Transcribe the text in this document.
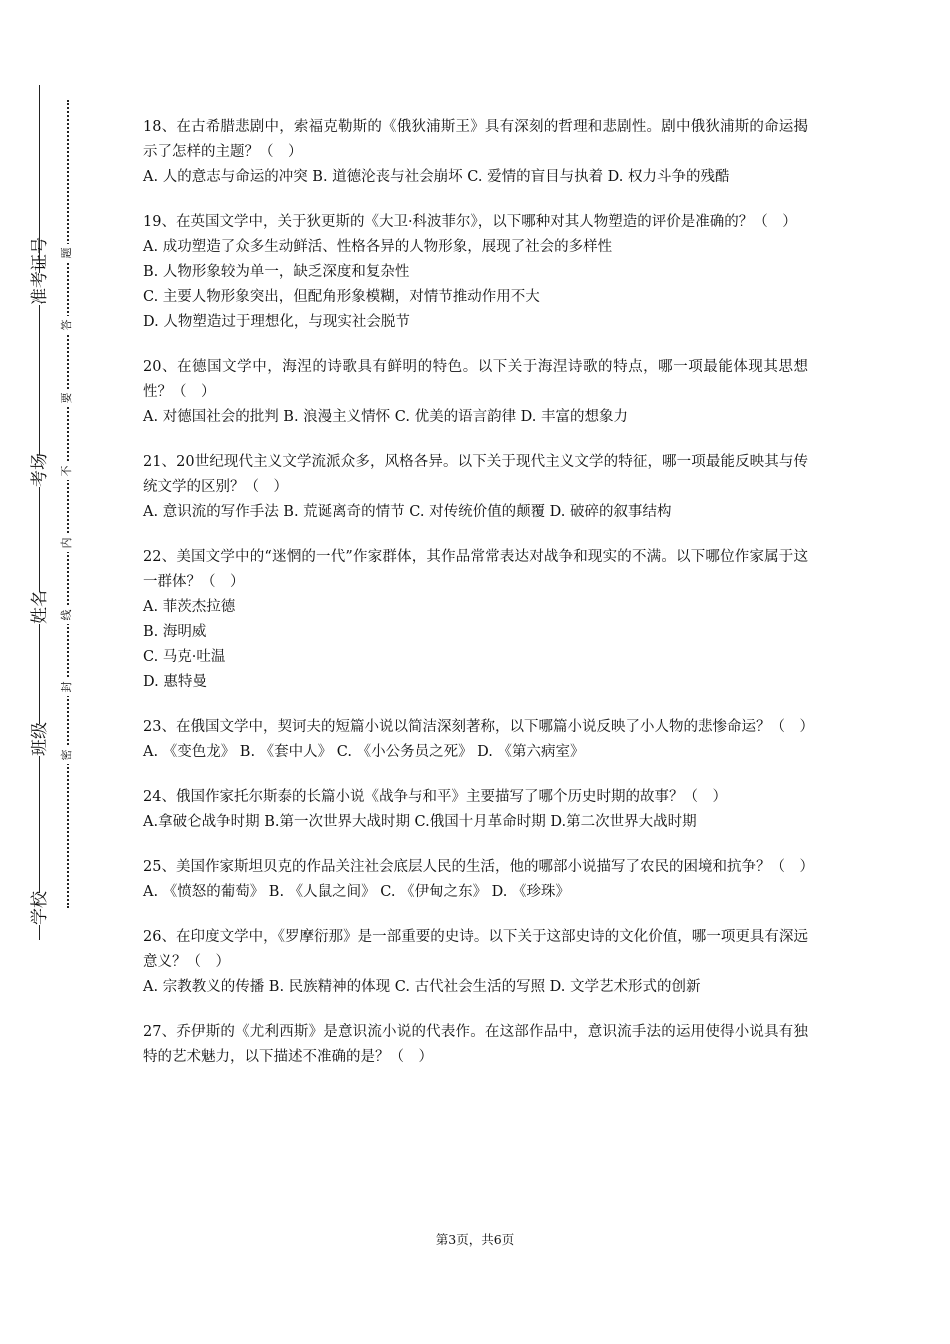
准考证号
考场
姓名
班级
学校
题
答
要
不
内
线
封
密

18、在古希腊悲剧中，索福克勒斯的《俄狄浦斯王》具有深刻的哲理和悲剧性。剧中俄狄浦斯的命运揭示了怎样的主题？（　）

A. 人的意志与命运的冲突 B. 道德沦丧与社会崩坏 C. 爱情的盲目与执着 D. 权力斗争的残酷

19、在英国文学中，关于狄更斯的《大卫·科波菲尔》，以下哪种对其人物塑造的评价是准确的？（　）

A. 成功塑造了众多生动鲜活、性格各异的人物形象，展现了社会的多样性
B. 人物形象较为单一，缺乏深度和复杂性
C. 主要人物形象突出，但配角形象模糊，对情节推动作用不大
D. 人物塑造过于理想化，与现实社会脱节

20、在德国文学中，海涅的诗歌具有鲜明的特色。以下关于海涅诗歌的特点，哪一项最能体现其思想性？（　）

A. 对德国社会的批判 B. 浪漫主义情怀 C. 优美的语言韵律 D. 丰富的想象力

21、20世纪现代主义文学流派众多，风格各异。以下关于现代主义文学的特征，哪一项最能反映其与传统文学的区别？（　）

A. 意识流的写作手法 B. 荒诞离奇的情节 C. 对传统价值的颠覆 D. 破碎的叙事结构

22、美国文学中的“迷惘的一代”作家群体，其作品常常表达对战争和现实的不满。以下哪位作家属于这一群体？（　）

A. 菲茨杰拉德
B. 海明威
C. 马克·吐温
D. 惠特曼

23、在俄国文学中，契诃夫的短篇小说以简洁深刻著称，以下哪篇小说反映了小人物的悲惨命运？（　）

A. 《变色龙》 B. 《套中人》 C. 《小公务员之死》 D. 《第六病室》

24、俄国作家托尔斯泰的长篇小说《战争与和平》主要描写了哪个历史时期的故事？（　）

A.拿破仑战争时期 B.第一次世界大战时期 C.俄国十月革命时期 D.第二次世界大战时期

25、美国作家斯坦贝克的作品关注社会底层人民的生活，他的哪部小说描写了农民的困境和抗争？（　）

A. 《愤怒的葡萄》 B. 《人鼠之间》 C. 《伊甸之东》 D. 《珍珠》

26、在印度文学中，《罗摩衍那》是一部重要的史诗。以下关于这部史诗的文化价值，哪一项更具有深远意义？（　）

A. 宗教教义的传播 B. 民族精神的体现 C. 古代社会生活的写照 D. 文学艺术形式的创新

27、乔伊斯的《尤利西斯》是意识流小说的代表作。在这部作品中，意识流手法的运用使得小说具有独特的艺术魅力，以下描述不准确的是？（　）

第3页，共6页
